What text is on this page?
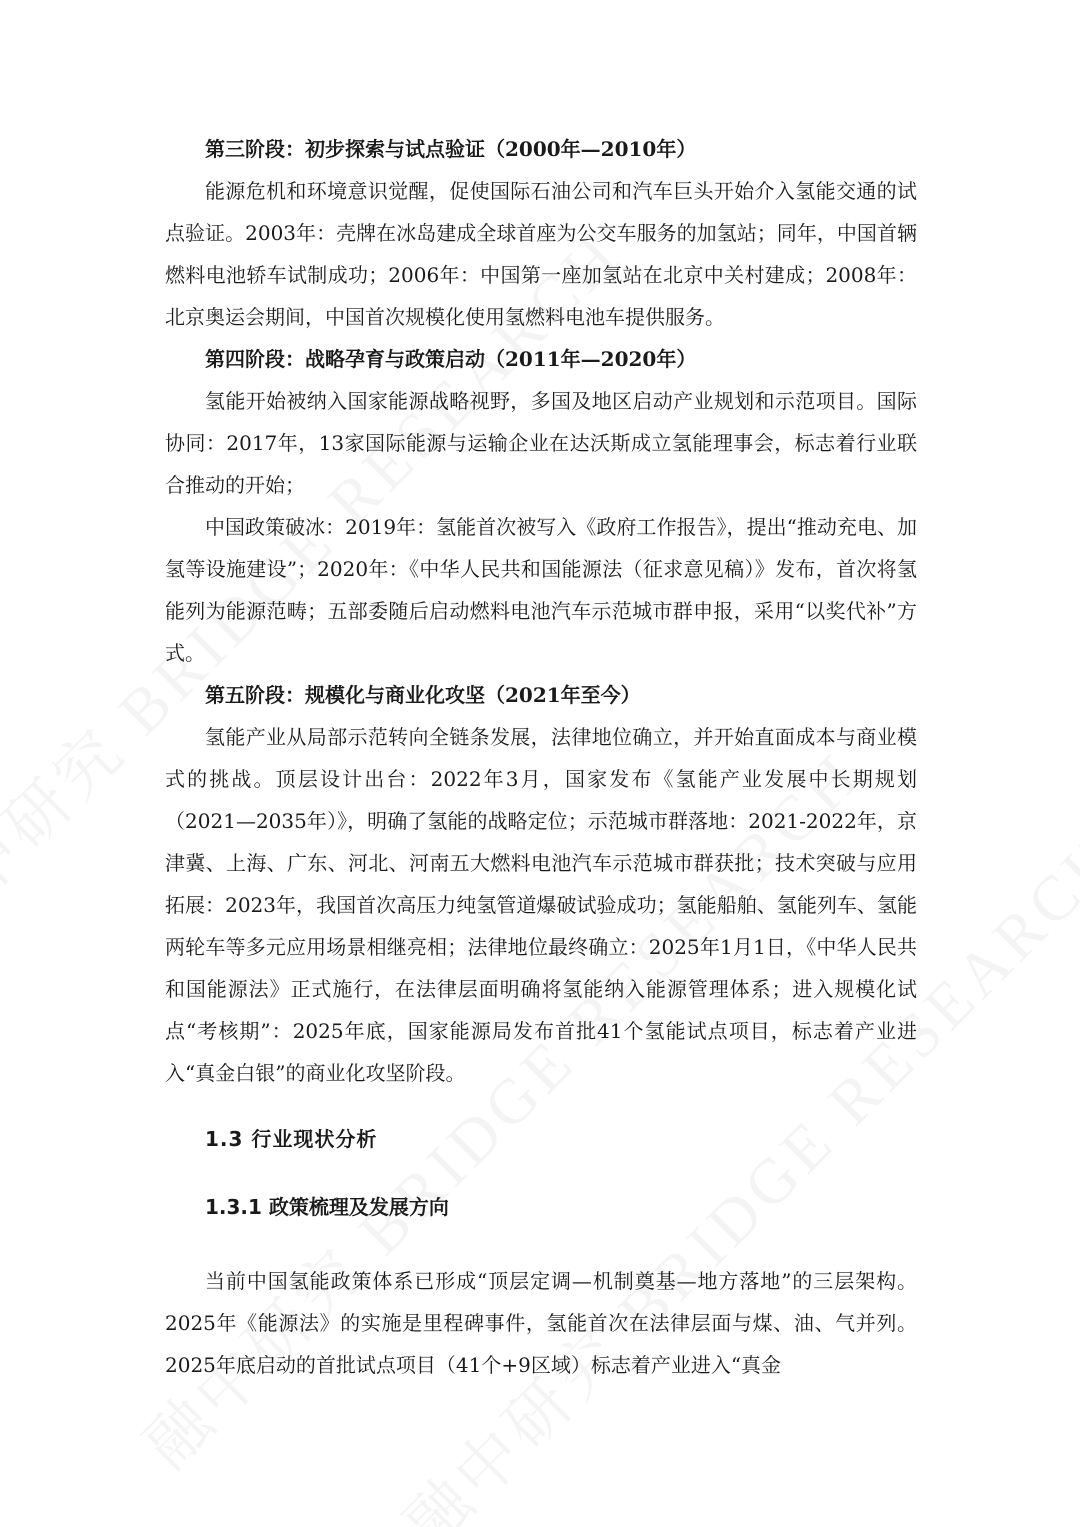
第三阶段：初步探索与试点验证（2000年—2010年）

能源危机和环境意识觉醒，促使国际石油公司和汽车巨头开始介入氢能交通的试点验证。2003年：壳牌在冰岛建成全球首座为公交车服务的加氢站；同年，中国首辆燃料电池轿车试制成功；2006年：中国第一座加氢站在北京中关村建成；2008年：北京奥运会期间，中国首次规模化使用氢燃料电池车提供服务。

第四阶段：战略孕育与政策启动（2011年—2020年）

氢能开始被纳入国家能源战略视野，多国及地区启动产业规划和示范项目。国际协同：2017年，13家国际能源与运输企业在达沃斯成立氢能理事会，标志着行业联合推动的开始；

中国政策破冰：2019年：氢能首次被写入《政府工作报告》，提出“推动充电、加氢等设施建设”；2020年：《中华人民共和国能源法（征求意见稿）》发布，首次将氢能列为能源范畴；五部委随后启动燃料电池汽车示范城市群申报，采用“以奖代补”方式。

第五阶段：规模化与商业化攻坚（2021年至今）

氢能产业从局部示范转向全链条发展，法律地位确立，并开始直面成本与商业模式的挑战。顶层设计出台：2022年3月，国家发布《氢能产业发展中长期规划（2021—2035年）》，明确了氢能的战略定位；示范城市群落地：2021-2022年，京津冀、上海、广东、河北、河南五大燃料电池汽车示范城市群获批；技术突破与应用拓展：2023年，我国首次高压力纯氢管道爆破试验成功；氢能船舶、氢能列车、氢能两轮车等多元应用场景相继亮相；法律地位最终确立：2025年1月1日，《中华人民共和国能源法》正式施行，在法律层面明确将氢能纳入能源管理体系；进入规模化试点“考核期”：2025年底，国家能源局发布首批41个氢能试点项目，标志着产业进入“真金白银”的商业化攻坚阶段。

1.3 行业现状分析
1.3.1 政策梳理及发展方向

当前中国氢能政策体系已形成“顶层定调—机制奠基—地方落地”的三层架构。2025年《能源法》的实施是里程碑事件，氢能首次在法律层面与煤、油、气并列。2025年底启动的首批试点项目（41个+9区域）标志着产业进入“真金
